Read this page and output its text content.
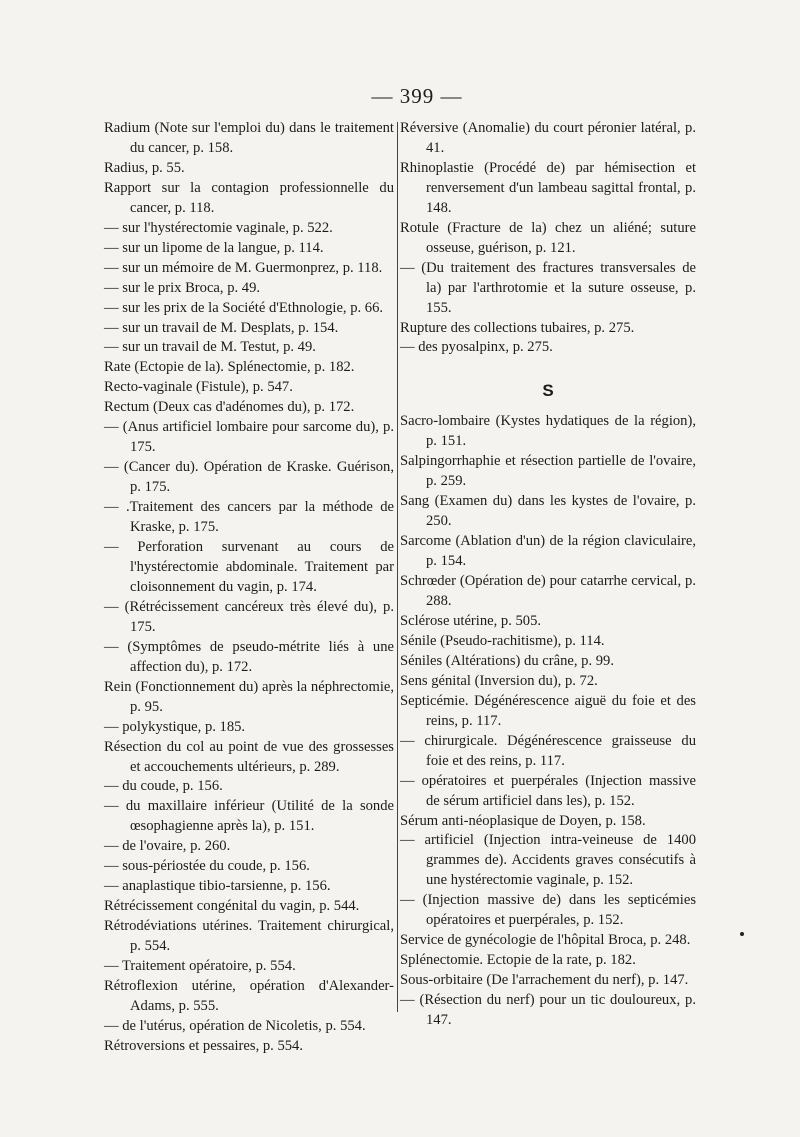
— 399 —

Radium (Note sur l'emploi du) dans le traitement du cancer, p. 158.

Radius, p. 55.

Rapport sur la contagion professionnelle du cancer, p. 118.

— sur l'hystérectomie vaginale, p. 522.

— sur un lipome de la langue, p. 114.

— sur un mémoire de M. Guermonprez, p. 118.

— sur le prix Broca, p. 49.

— sur les prix de la Société d'Ethnologie, p. 66.

— sur un travail de M. Desplats, p. 154.

— sur un travail de M. Testut, p. 49.

Rate (Ectopie de la). Splénectomie, p. 182.

Recto-vaginale (Fistule), p. 547.

Rectum (Deux cas d'adénomes du), p. 172.

— (Anus artificiel lombaire pour sarcome du), p. 175.

— (Cancer du). Opération de Kraske. Guérison, p. 175.

— .Traitement des cancers par la méthode de Kraske, p. 175.

— Perforation survenant au cours de l'hystérectomie abdominale. Traitement par cloisonnement du vagin, p. 174.

— (Rétrécissement cancéreux très élevé du), p. 175.

— (Symptômes de pseudo-métrite liés à une affection du), p. 172.

Rein (Fonctionnement du) après la néphrectomie, p. 95.

— polykystique, p. 185.

Résection du col au point de vue des grossesses et accouchements ultérieurs, p. 289.

— du coude, p. 156.

— du maxillaire inférieur (Utilité de la sonde œsophagienne après la), p. 151.

— de l'ovaire, p. 260.

— sous-périostée du coude, p. 156.

— anaplastique tibio-tarsienne, p. 156.

Rétrécissement congénital du vagin, p. 544.

Rétrodéviations utérines. Traitement chirurgical, p. 554.

— Traitement opératoire, p. 554.

Rétroflexion utérine, opération d'Alexander-Adams, p. 555.

— de l'utérus, opération de Nicoletis, p. 554.

Rétroversions et pessaires, p. 554.

Réversive (Anomalie) du court péronier latéral, p. 41.

Rhinoplastie (Procédé de) par hémisection et renversement d'un lambeau sagittal frontal, p. 148.

Rotule (Fracture de la) chez un aliéné; suture osseuse, guérison, p. 121.

— (Du traitement des fractures transversales de la) par l'arthrotomie et la suture osseuse, p. 155.

Rupture des collections tubaires, p. 275.

— des pyosalpinx, p. 275.

S

Sacro-lombaire (Kystes hydatiques de la région), p. 151.

Salpingorrhaphie et résection partielle de l'ovaire, p. 259.

Sang (Examen du) dans les kystes de l'ovaire, p. 250.

Sarcome (Ablation d'un) de la région claviculaire, p. 154.

Schrœder (Opération de) pour catarrhe cervical, p. 288.

Sclérose utérine, p. 505.

Sénile (Pseudo-rachitisme), p. 114.

Séniles (Altérations) du crâne, p. 99.

Sens génital (Inversion du), p. 72.

Septicémie. Dégénérescence aiguë du foie et des reins, p. 117.

— chirurgicale. Dégénérescence graisseuse du foie et des reins, p. 117.

— opératoires et puerpérales (Injection massive de sérum artificiel dans les), p. 152.

Sérum anti-néoplasique de Doyen, p. 158.

— artificiel (Injection intra-veineuse de 1400 grammes de). Accidents graves consécutifs à une hystérectomie vaginale, p. 152.

— (Injection massive de) dans les septicémies opératoires et puerpérales, p. 152.

Service de gynécologie de l'hôpital Broca, p. 248.

Splénectomie. Ectopie de la rate, p. 182.

Sous-orbitaire (De l'arrachement du nerf), p. 147.

— (Résection du nerf) pour un tic douloureux, p. 147.
